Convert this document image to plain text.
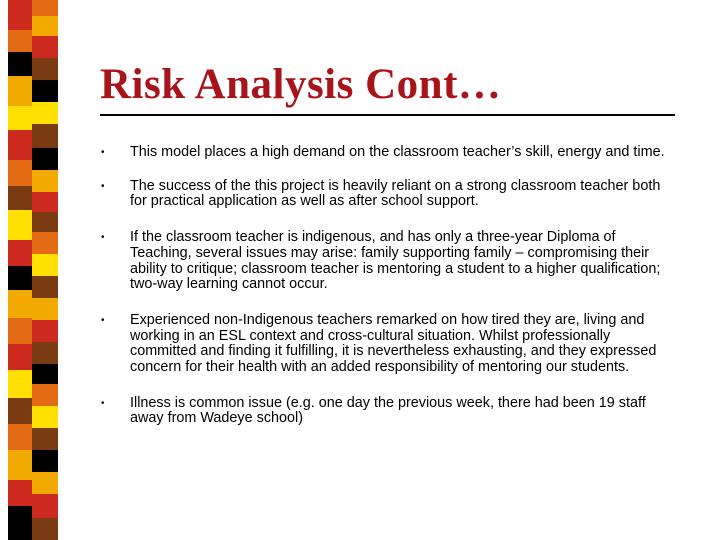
Risk Analysis Cont…
• This model places a high demand on the classroom teacher’s skill, energy and time.
• The success of the this project is heavily reliant on a strong classroom teacher both for practical application as well as after school support.
• If the classroom teacher is indigenous, and has only a three-year Diploma of Teaching, several issues may arise: family supporting family – compromising their ability to critique; classroom teacher is mentoring a student to a higher qualification; two-way learning cannot occur.
• Experienced non-Indigenous teachers remarked on how tired they are, living and working in an ESL context and cross-cultural situation. Whilst professionally committed and finding it fulfilling, it is nevertheless exhausting, and they expressed concern for their health with an added responsibility of mentoring our students.
• Illness is common issue (e.g. one day the previous week, there had been 19 staff away from Wadeye school)
